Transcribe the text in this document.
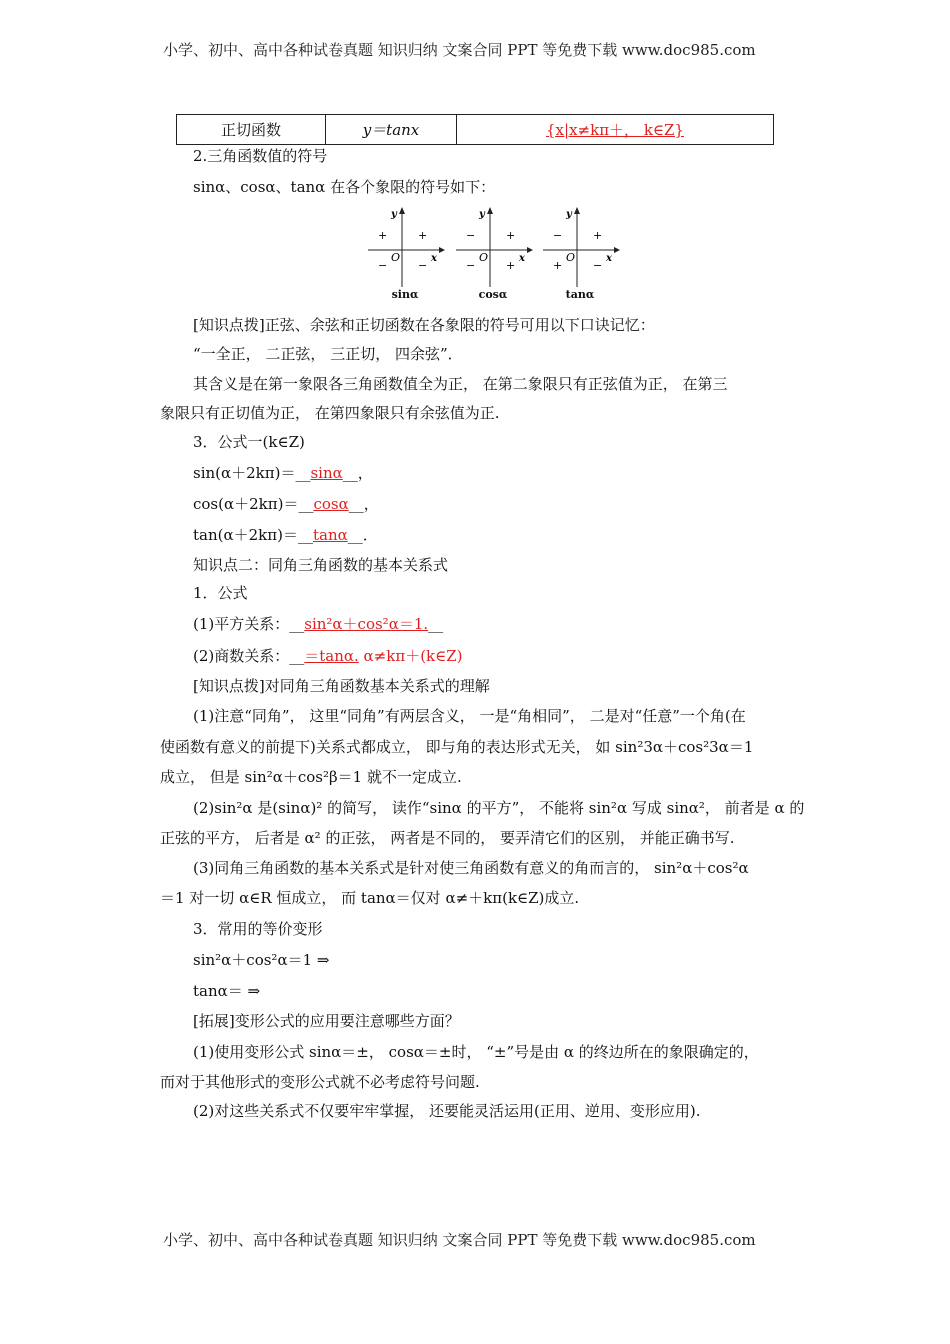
小学、初中、高中各种试卷真题 知识归纳 文案合同 PPT 等免费下载 www.doc985.com
正切函数	y＝tanx	{x|x≠kπ＋， k∈Z}
2.三角函数值的符号
sinα、cosα、tanα 在各个象限的符号如下：
y
x
O
+
+
−	−
sinα
y
x
O
+
−
−	+
cosα
y
x
O
+
−
+	−
tanα
[知识点拨]正弦、余弦和正切函数在各象限的符号可用以下口诀记忆：
“一全正， 二正弦， 三正切， 四余弦”．
其含义是在第一象限各三角函数值全为正， 在第二象限只有正弦值为正， 在第三
象限只有正切值为正， 在第四象限只有余弦值为正.
3．公式一(k∈Z)
sin(α＋2kπ)＝__sinα__，
cos(α＋2kπ)＝__cosα__，
tan(α＋2kπ)＝__tanα__．
知识点二：同角三角函数的基本关系式
1．公式
(1)平方关系：__sin²α＋cos²α＝1.__
(2)商数关系：__＝tanα. α≠kπ＋(k∈Z)
[知识点拨]对同角三角函数基本关系式的理解
(1)注意“同角”， 这里“同角”有两层含义， 一是“角相同”， 二是对“任意”一个角(在
使函数有意义的前提下)关系式都成立， 即与角的表达形式无关， 如 sin²3α＋cos²3α＝1
成立， 但是 sin²α＋cos²β＝1 就不一定成立.
(2)sin²α 是(sinα)² 的简写， 读作“sinα 的平方”， 不能将 sin²α 写成 sinα²， 前者是 α 的
正弦的平方， 后者是 α² 的正弦， 两者是不同的， 要弄清它们的区别， 并能正确书写.
(3)同角三角函数的基本关系式是针对使三角函数有意义的角而言的， sin²α＋cos²α
＝1 对一切 α∈R 恒成立， 而 tanα＝仅对 α≠＋kπ(k∈Z)成立.
3．常用的等价变形
sin²α＋cos²α＝1 ⇒
tanα＝ ⇒
[拓展]变形公式的应用要注意哪些方面？
(1)使用变形公式 sinα＝±， cosα＝±时， “±”号是由 α 的终边所在的象限确定的，
而对于其他形式的变形公式就不必考虑符号问题.
(2)对这些关系式不仅要牢牢掌握， 还要能灵活运用(正用、逆用、变形应用).
小学、初中、高中各种试卷真题 知识归纳 文案合同 PPT 等免费下载 www.doc985.com
